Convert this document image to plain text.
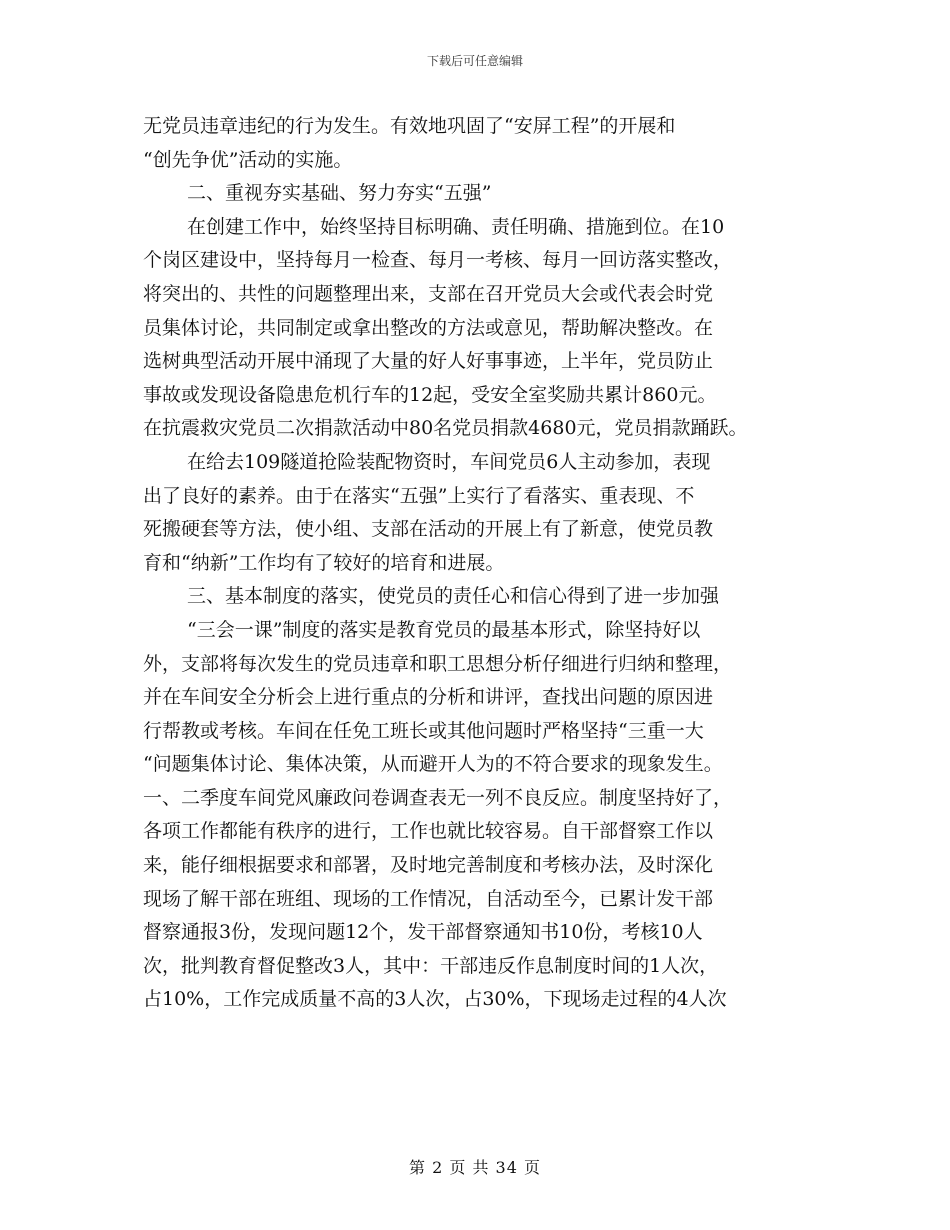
下载后可任意编辑
无党员违章违纪的行为发生。有效地巩固了“安屏工程”的开展和
“创先争优”活动的实施。
二、重视夯实基础、努力夯实“五强”
在创建工作中，始终坚持目标明确、责任明确、措施到位。在10
个岗区建设中，坚持每月一检查、每月一考核、每月一回访落实整改，
将突出的、共性的问题整理出来，支部在召开党员大会或代表会时党
员集体讨论，共同制定或拿出整改的方法或意见，帮助解决整改。在
选树典型活动开展中涌现了大量的好人好事事迹，上半年，党员防止
事故或发现设备隐患危机行车的12起，受安全室奖励共累计860元。
在抗震救灾党员二次捐款活动中80名党员捐款4680元，党员捐款踊跃。
在给去109隧道抢险装配物资时，车间党员6人主动参加，表现
出了良好的素养。由于在落实“五强”上实行了看落实、重表现、不
死搬硬套等方法，使小组、支部在活动的开展上有了新意，使党员教
育和“纳新”工作均有了较好的培育和进展。
三、基本制度的落实，使党员的责任心和信心得到了进一步加强
“三会一课”制度的落实是教育党员的最基本形式，除坚持好以
外，支部将每次发生的党员违章和职工思想分析仔细进行归纳和整理，
并在车间安全分析会上进行重点的分析和讲评，查找出问题的原因进
行帮教或考核。车间在任免工班长或其他问题时严格坚持“三重一大
“问题集体讨论、集体决策，从而避开人为的不符合要求的现象发生。
一、二季度车间党风廉政问卷调查表无一列不良反应。制度坚持好了，
各项工作都能有秩序的进行，工作也就比较容易。自干部督察工作以
来，能仔细根据要求和部署，及时地完善制度和考核办法，及时深化
现场了解干部在班组、现场的工作情况，自活动至今，已累计发干部
督察通报3份，发现问题12个，发干部督察通知书10份，考核10人
次，批判教育督促整改3人，其中：干部违反作息制度时间的1人次，
占10%，工作完成质量不高的3人次，占30%，下现场走过程的4人次
第 2 页 共 34 页
